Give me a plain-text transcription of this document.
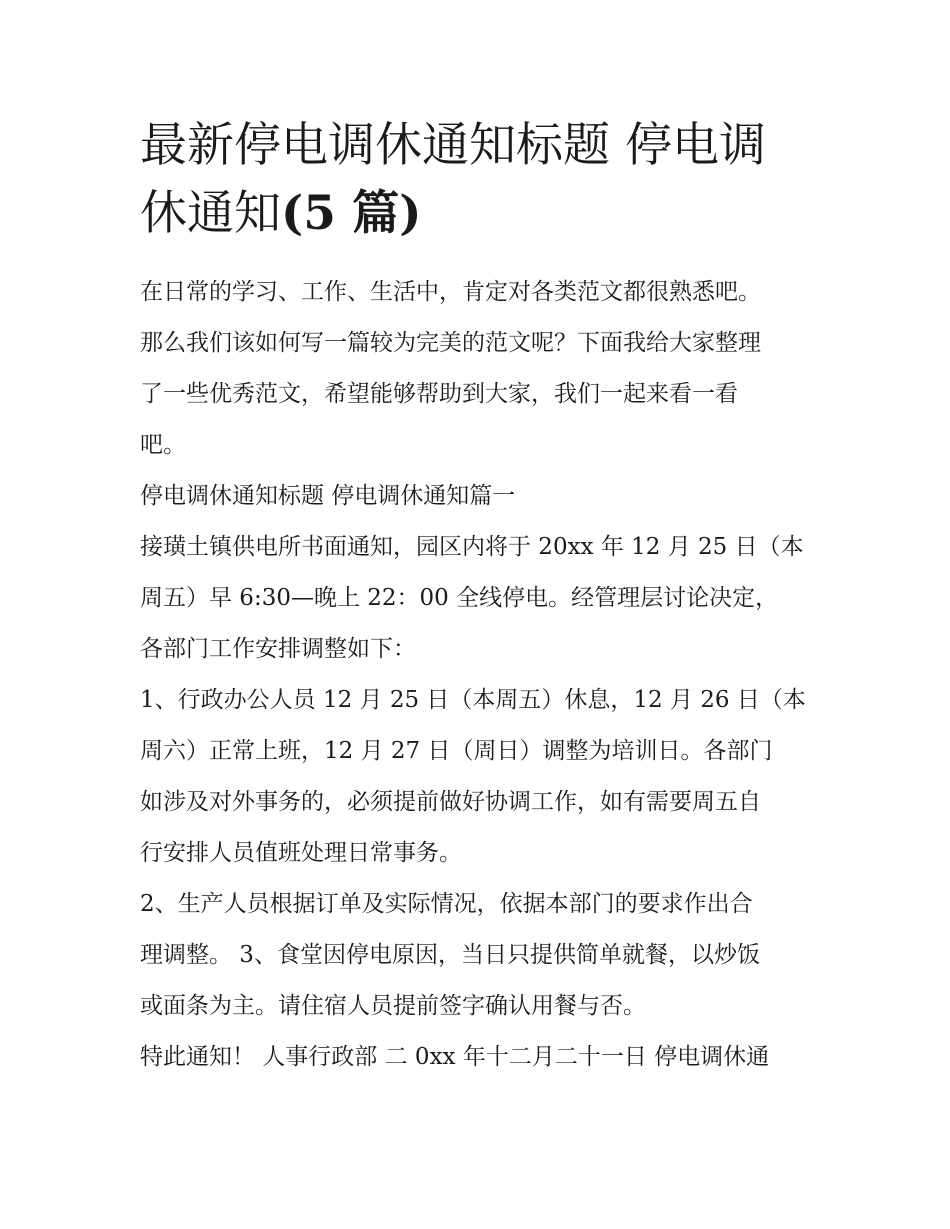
最新停电调休通知标题 停电调
休通知(5 篇)

在日常的学习、工作、生活中，肯定对各类范文都很熟悉吧。
那么我们该如何写一篇较为完美的范文呢？下面我给大家整理
了一些优秀范文，希望能够帮助到大家，我们一起来看一看
吧。

停电调休通知标题 停电调休通知篇一

接璜土镇供电所书面通知，园区内将于 20xx 年 12 月 25 日（本
周五）早 6:30—晚上 22：00 全线停电。经管理层讨论决定，
各部门工作安排调整如下：

1、行政办公人员 12 月 25 日（本周五）休息，12 月 26 日（本
周六）正常上班，12 月 27 日（周日）调整为培训日。各部门
如涉及对外事务的，必须提前做好协调工作，如有需要周五自
行安排人员值班处理日常事务。

2、生产人员根据订单及实际情况，依据本部门的要求作出合
理调整。 3、食堂因停电原因，当日只提供简单就餐，以炒饭
或面条为主。请住宿人员提前签字确认用餐与否。

特此通知！ 人事行政部 二 0xx 年十二月二十一日 停电调休通
